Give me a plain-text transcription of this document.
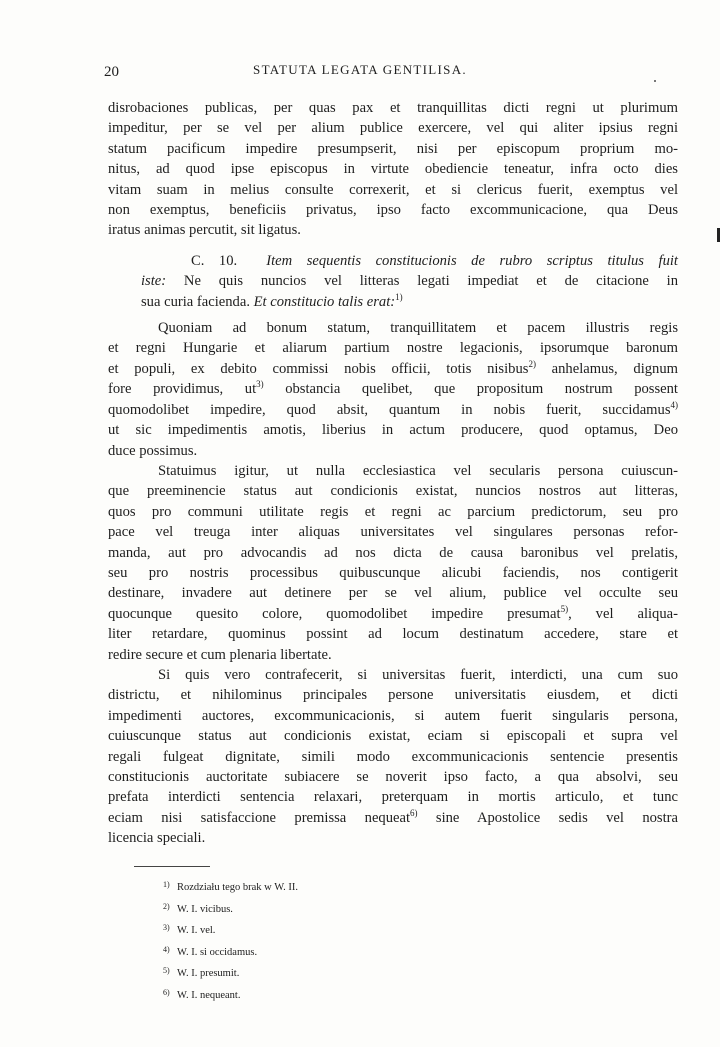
20	STATUTA LEGATA GENTILISA.
disrobaciones publicas, per quas pax et tranquillitas dicti regni ut plurimum
impeditur, per se vel per alium publice exercere, vel qui aliter ipsius regni
statum pacificum impedire presumpserit, nisi per episcopum proprium mo-
nitus, ad quod ipse episcopus in virtute obediencie teneatur, infra octo dies
vitam suam in melius consulte correxerit, et si clericus fuerit, exemptus vel
non exemptus, beneficiis privatus, ipso facto excommunicacione, qua Deus
iratus animas percutit, sit ligatus.
C. 10. Item sequentis constitucionis de rubro scriptus titulus fuit
iste: Ne quis nuncios vel litteras legati impediat et de citacione in
sua curia facienda. Et constitucio talis erat:$^{1)}$
Quoniam ad bonum statum, tranquillitatem et pacem illustris regis
et regni Hungarie et aliarum partium nostre legacionis, ipsorumque baronum
et populi, ex debito commissi nobis officii, totis nisibus$^{2)}$ anhelamus, dignum
fore providimus, $ut^{3)}$ obstancia quelibet, que propositum nostrum possent
quomodolibet impedire, quod absit, quantum in nobis fuerit, succidamus$^{4)}$
ut sic impedimentis amotis, liberius in actum producere, quod optamus, Deo
duce possimus.
Statuimus igitur, ut nulla ecclesiastica vel secularis persona cuiuscun-
que preeminencie status aut condicionis existat, nuncios nostros aut litteras,
quos pro communi utilitate regis et regni ac parcium predictorum, seu pro
pace vel treuga inter aliquas universitates vel singulares personas refor-
manda, aut pro advocandis ad nos dicta de causa baronibus vel prelatis,
seu pro nostris processibus quibuscunque alicubi faciendis, nos contigerit
destinare, invadere aut detinere per se vel alium, publice vel occulte seu
quocunque quesito colore, quomodolibet impedire presumat$^{5)}$, vel aliqua-
liter retardare, quominus possint ad locum destinatum accedere, stare et
redire secure et cum plenaria libertate.
Si quis vero contrafecerit, si universitas fuerit, interdicti, una cum suo
districtu, et nihilominus principales persone universitatis eiusdem, et dicti
impedimenti auctores, excommunicacionis, si autem fuerit singularis persona,
cuiuscunque status aut condicionis existat, eciam si episcopali et supra vel
regali fulgeat dignitate, simili modo excommunicacionis sentencie presentis
constitucionis auctoritate subiacere se noverit ipso facto, a qua absolvi, seu
prefata interdicti sentencia relaxari, preterquam in mortis articulo, et tunc
eciam nisi satisfaccione premissa nequeat$^{6)}$ sine Apostolice sedis vel nostra
licencia speciali.
1) Rozdziału tego brak w W. II.
2) W. I. vicibus.
3) W. I. vel.
4) W. I. si occidamus.
5) W. I. presumit.
6) W. I. nequeant.
